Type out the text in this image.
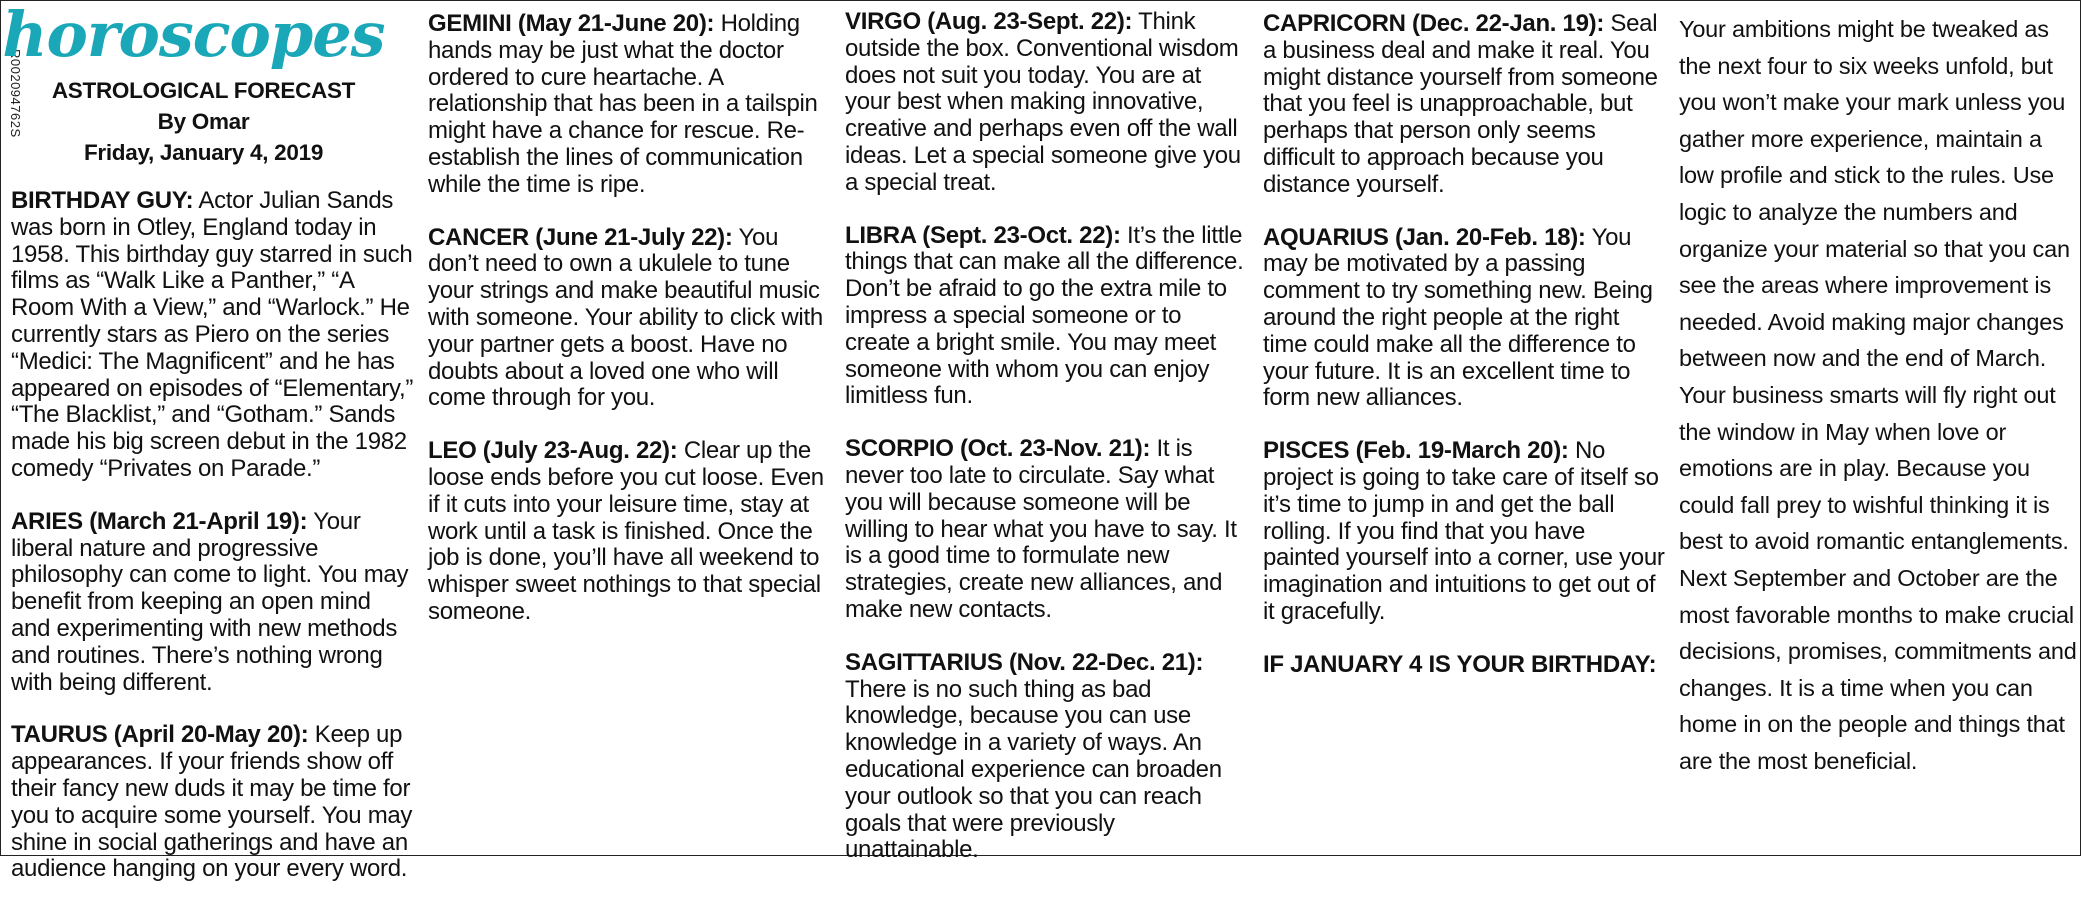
R002094762S
horoscopes
ASTROLOGICAL FORECAST
By Omar
Friday, January 4, 2019
BIRTHDAY GUY: Actor Julian Sands was born in Otley, England today in 1958. This birthday guy starred in such films as “Walk Like a Panther,” “A Room With a View,” and “Warlock.” He currently stars as Piero on the series “Medici: The Magnificent” and he has appeared on episodes of “Elementary,” “The Blacklist,” and “Gotham.” Sands made his big screen debut in the 1982 comedy “Privates on Parade.”
ARIES (March 21-April 19): Your liberal nature and progressive philosophy can come to light. You may benefit from keeping an open mind and experimenting with new methods and routines. There’s nothing wrong with being different.
TAURUS (April 20-May 20): Keep up appearances. If your friends show off their fancy new duds it may be time for you to acquire some yourself. You may shine in social gatherings and have an audience hanging on your every word.
VIRGO (Aug. 23-Sept. 22): Think outside the box. Conventional wisdom does not suit you today. You are at your best when making innovative, creative and perhaps even off the wall ideas. Let a special someone give you a special treat.
LIBRA (Sept. 23-Oct. 22): It’s the little things that can make all the difference. Don’t be afraid to go the extra mile to impress a special someone or to create a bright smile. You may meet someone with whom you can enjoy limitless fun.
SCORPIO (Oct. 23-Nov. 21): It is never too late to circulate. Say what you will because someone will be willing to hear what you have to say. It is a good time to formulate new strategies, create new alliances, and make new contacts.
SAGITTARIUS (Nov. 22-Dec. 21): There is no such thing as bad knowledge, because you can use knowledge in a variety of ways. An educational experience can broaden your outlook so that you can reach goals that were previously unattainable.
GEMINI (May 21-June 20): Holding hands may be just what the doctor ordered to cure heartache. A relationship that has been in a tailspin might have a chance for rescue. Re-establish the lines of communication while the time is ripe.
CANCER (June 21-July 22): You don’t need to own a ukulele to tune your strings and make beautiful music with someone. Your ability to click with your partner gets a boost. Have no doubts about a loved one who will come through for you.
LEO (July 23-Aug. 22): Clear up the loose ends before you cut loose. Even if it cuts into your leisure time, stay at work until a task is finished. Once the job is done, you’ll have all weekend to whisper sweet nothings to that special someone.
CAPRICORN (Dec. 22-Jan. 19): Seal a business deal and make it real. You might distance yourself from someone that you feel is unapproachable, but perhaps that person only seems difficult to approach because you distance yourself.
AQUARIUS (Jan. 20-Feb. 18): You may be motivated by a passing comment to try something new. Being around the right people at the right time could make all the difference to your future. It is an excellent time to form new alliances.
PISCES (Feb. 19-March 20): No project is going to take care of itself so it’s time to jump in and get the ball rolling. If you find that you have painted yourself into a corner, use your imagination and intuitions to get out of it gracefully.
IF JANUARY 4 IS YOUR BIRTHDAY:
Your ambitions might be tweaked as the next four to six weeks unfold, but you won’t make your mark unless you gather more experience, maintain a low profile and stick to the rules. Use logic to analyze the numbers and organize your material so that you can see the areas where improvement is needed. Avoid making major changes between now and the end of March. Your business smarts will fly right out the window in May when love or emotions are in play. Because you could fall prey to wishful thinking it is best to avoid romantic entanglements. Next September and October are the most favorable months to make crucial decisions, promises, commitments and changes. It is a time when you can home in on the people and things that are the most beneficial.
